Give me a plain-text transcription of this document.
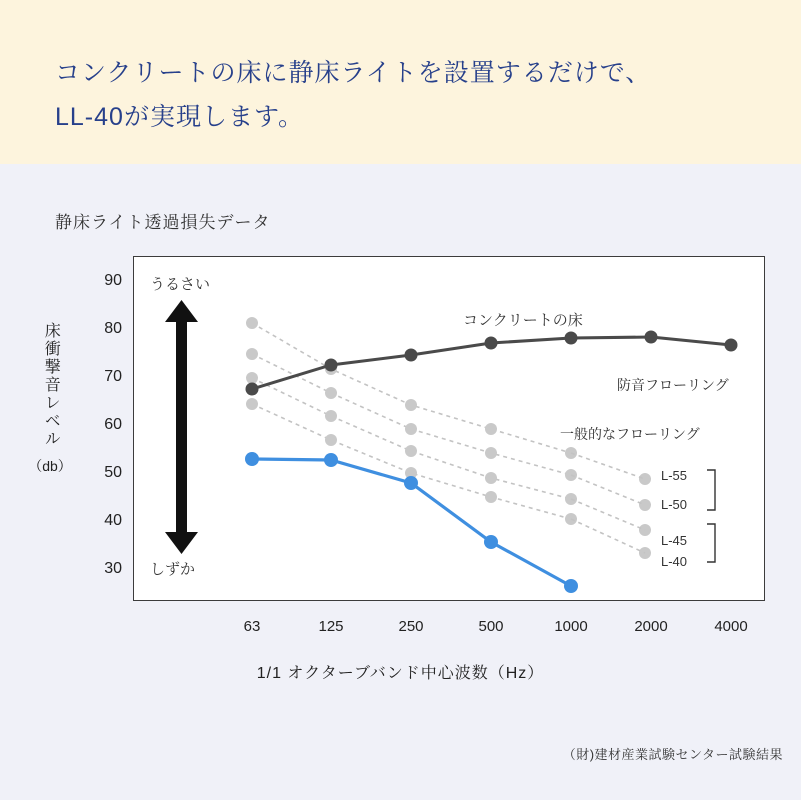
コンクリートの床に静床ライトを設置するだけで、
LL-40が実現します。
静床ライト透過損失データ
床衝撃音レベル
（db）
90
80
70
60
50
40
30
63	125	250	500	1000	2000	4000
1/1 オクターブバンド中心波数（Hz）
うるさい
しずか
コンクリートの床
防音フローリング
一般的なフローリング
L-55
L-50
L-45
L-40
（財)建材産業試験センター試験結果
